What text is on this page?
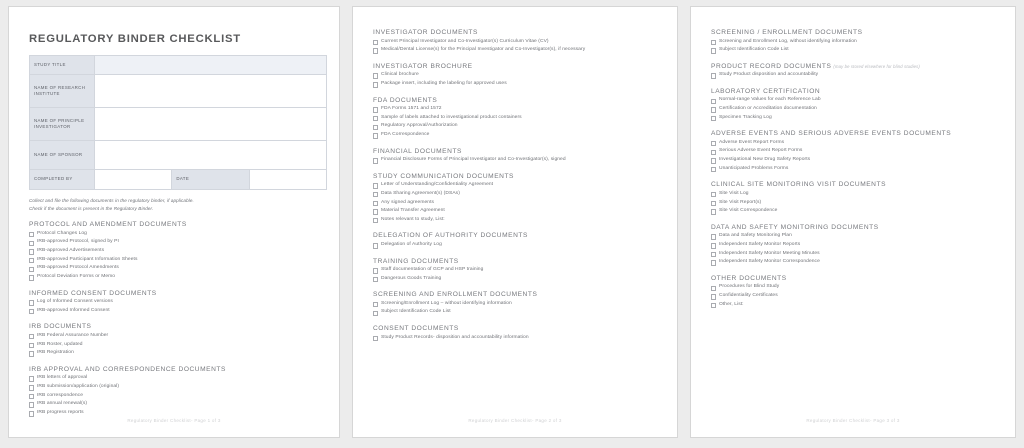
REGULATORY BINDER CHECKLIST
STUDY TITLE			
NAME OF RESEARCH INSTITUTE			
NAME OF PRINCIPLE INVESTIGATOR			
NAME OF SPONSOR			
COMPLETED BY		DATE	
Collect and file the following documents in the regulatory binder, if applicable.
Check if the document is present in the Regulatory Binder.
PROTOCOL AND AMENDMENT DOCUMENTS
Protocol Changes Log
IRB-approved Protocol, signed by PI
IRB-approved Advertisements
IRB-approved Participant Information Sheets
IRB-approved Protocol Amendments
Protocol Deviation Forms or Memo
INFORMED CONSENT DOCUMENTS
Log of Informed Consent versions
IRB-approved Informed Consent
IRB DOCUMENTS
IRB Federal Assurance Number
IRB Roster, updated
IRB Registration
IRB APPROVAL AND CORRESPONDENCE DOCUMENTS
IRB letters of approval
IRB submission/application (original)
IRB correspondence
IRB annual renewal(s)
IRB progress reports
Regulatory Binder Checklist- Page 1 of 3
INVESTIGATOR DOCUMENTS
Current Principal Investigator and Co-Investigator(s) Curriculum Vitae (CV)
Medical/Dental License(s) for the Principal Investigator and Co-Investigator(s), if necessary
INVESTIGATOR BROCHURE
Clinical brochure
Package insert, including the labeling for approved uses
FDA DOCUMENTS
FDA Forms 1571 and 1572
Sample of labels attached to investigational product containers
Regulatory Approval/Authorization
FDA Correspondence
FINANCIAL DOCUMENTS
Financial Disclosure Forms of Principal Investigator and Co-Investigator(s), signed
STUDY COMMUNICATION DOCUMENTS
Letter of Understanding/Confidentiality Agreement
Data Sharing Agreement(s) (DSAs)
Any signed agreements
Material Transfer Agreement
Notes relevant to study, List:
DELEGATION OF AUTHORITY DOCUMENTS
Delegation of Authority Log
TRAINING DOCUMENTS
Staff documentation of GCP and HSP training
Dangerous Goods Training
SCREENING AND ENROLLMENT DOCUMENTS
Screening/Enrollment Log – without identifying information
Subject Identification Code List
CONSENT DOCUMENTS
Study Product Records- disposition and accountability information
Regulatory Binder Checklist- Page 2 of 3
SCREENING / ENROLLMENT DOCUMENTS
Screening and Enrollment Log, without identifying information
Subject Identification Code List
PRODUCT RECORD DOCUMENTS (may be stored elsewhere for blind studies)
Study Product disposition and accountability
LABORATORY CERTIFICATION
Normal-range Values for each Reference Lab
Certification or Accreditation documentation
Specimen Tracking Log
ADVERSE EVENTS AND SERIOUS ADVERSE EVENTS DOCUMENTS
Adverse Event Report Forms
Serious Adverse Event Report Forms
Investigational New Drug Safety Reports
Unanticipated Problems Forms
CLINICAL SITE MONITORING VISIT DOCUMENTS
Site Visit Log
Site Visit Report(s)
Site Visit Correspondence
DATA AND SAFETY MONITORING DOCUMENTS
Data and Safety Monitoring Plan
Independent Safety Monitor Reports
Independent Safety Monitor Meeting Minutes
Independent Safety Monitor Correspondence
OTHER DOCUMENTS
Procedures for Blind Study
Confidentiality Certificates
Other, List:
Regulatory Binder Checklist- Page 3 of 3
